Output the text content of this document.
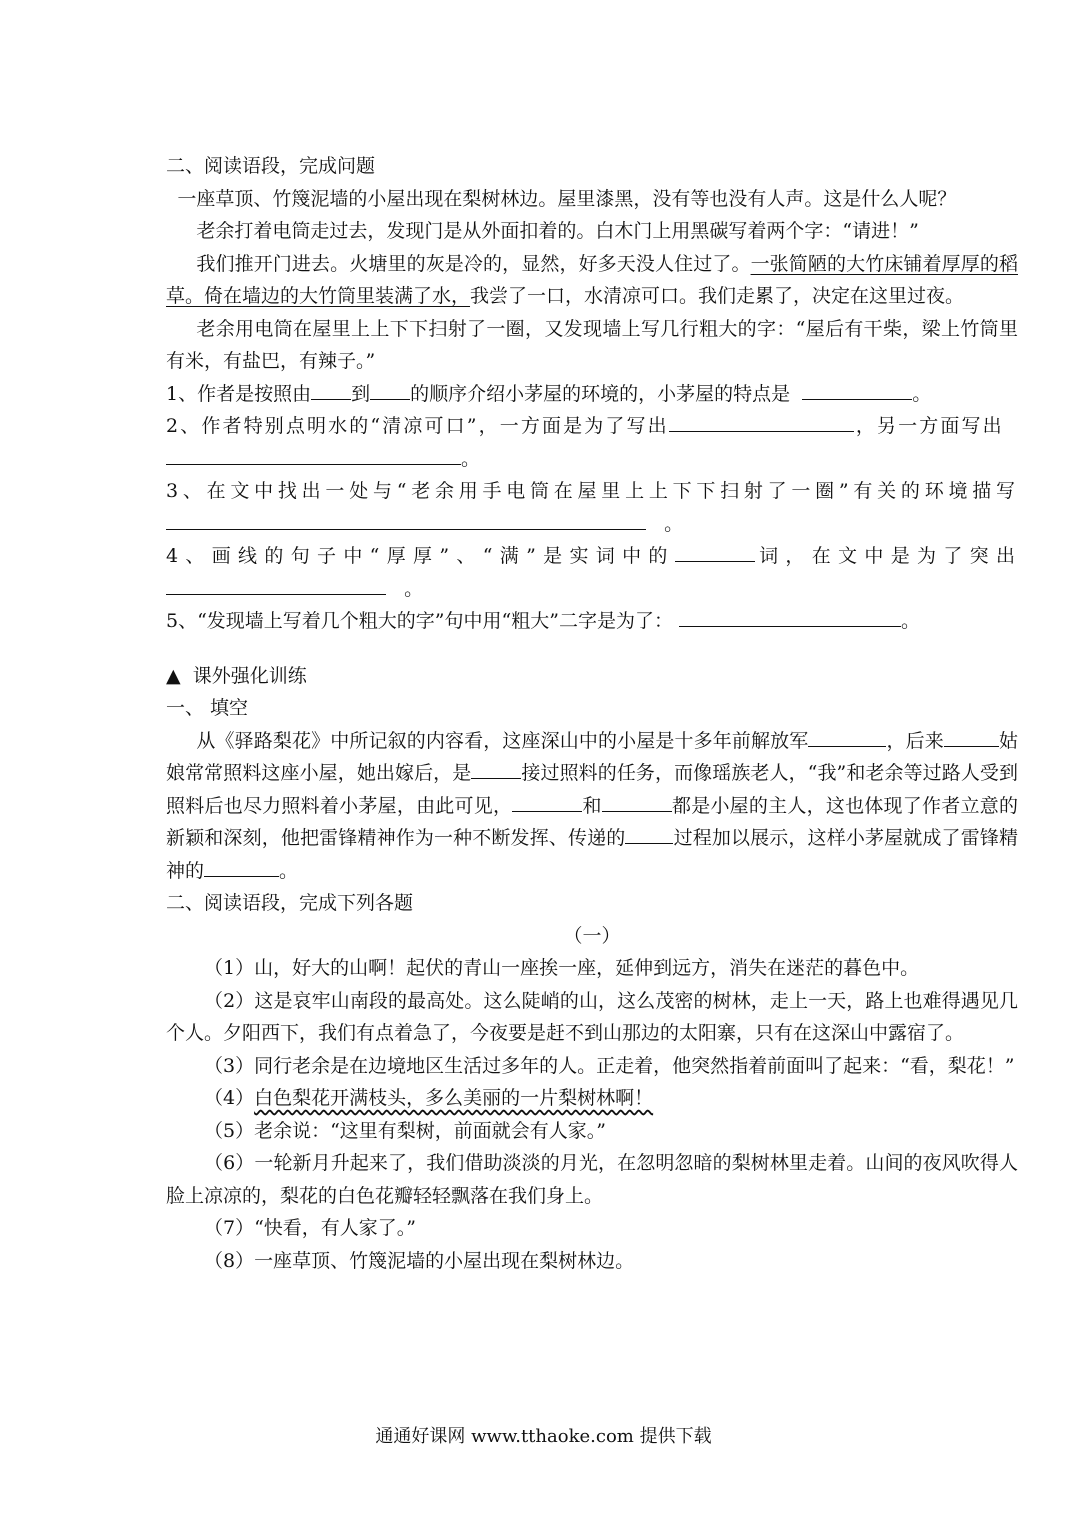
二、阅读语段，完成问题

一座草顶、竹篾泥墙的小屋出现在梨树林边。屋里漆黑，没有等也没有人声。这是什么人呢？

老余打着电筒走过去，发现门是从外面扣着的。白木门上用黑碳写着两个字：“请进！”

我们推开门进去。火塘里的灰是冷的，显然，好多天没人住过了。一张简陋的大竹床铺着厚厚的稻草。倚在墙边的大竹筒里装满了水，我尝了一口，水清凉可口。我们走累了，决定在这里过夜。

老余用电筒在屋里上上下下扫射了一圈，又发现墙上写几行粗大的字：“屋后有干柴，梁上竹筒里有米，有盐巴，有辣子。”

1、作者是按照由 到 的顺序介绍小茅屋的环境的，小茅屋的特点是	。

2、作者特别点明水的“清凉可口”，一方面是为了写出	，另一方面写出  。

3、在文中找出一处与“老余用手电筒在屋里上上下下扫射了一圈”有关的环境描写  。

4、画线的句子中“厚厚”、“满”是实词中的	词，在文中是为了突出  。

5、“发现墙上写着几个粗大的字”句中用“粗大”二字是为了：	。

▲ 课外强化训练

一、 填空

从《驿路梨花》中所记叙的内容看，这座深山中的小屋是十多年前解放军	，后来	姑娘常常照料这座小屋，她出嫁后，是	接过照料的任务，而像瑶族老人，“我”和老余等过路人受到照料后也尽力照料着小茅屋，由此可见，	和	都是小屋的主人，这也体现了作者立意的新颖和深刻，他把雷锋精神作为一种不断发挥、传递的	过程加以展示，这样小茅屋就成了雷锋精神的	。

二、阅读语段，完成下列各题

（一）

（1）山，好大的山啊！起伏的青山一座挨一座，延伸到远方，消失在迷茫的暮色中。

（2）这是哀牢山南段的最高处。这么陡峭的山，这么茂密的树林，走上一天，路上也难得遇见几个人。夕阳西下，我们有点着急了，今夜要是赶不到山那边的太阳寨，只有在这深山中露宿了。

（3）同行老余是在边境地区生活过多年的人。正走着，他突然指着前面叫了起来：“看，梨花！”

（4）白色梨花开满枝头，多么美丽的一片梨树林啊！

（5）老余说：“这里有梨树，前面就会有人家。”

（6）一轮新月升起来了，我们借助淡淡的月光，在忽明忽暗的梨树林里走着。山间的夜风吹得人脸上凉凉的，梨花的白色花瓣轻轻飘落在我们身上。

（7）“快看，有人家了。”

（8）一座草顶、竹篾泥墙的小屋出现在梨树林边。

通通好课网 www.tthaoke.com 提供下载
